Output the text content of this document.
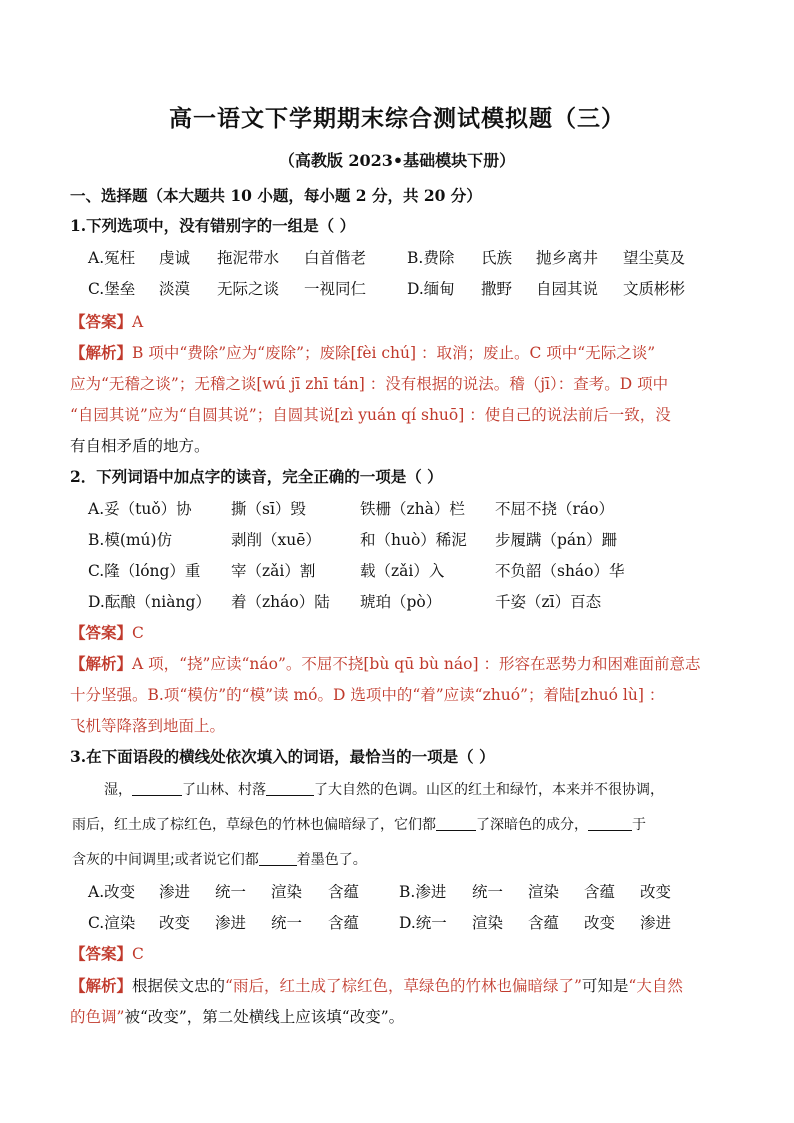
高一语文下学期期末综合测试模拟题（三）
（高教版 2023•基础模块下册）
一、选择题（本大题共 10 小题，每小题 2 分，共 20 分）
1.下列选项中，没有错别字的一组是（ ）
A.冤枉 虔诚 拖泥带水 白首偕老	B.费除 氏族 抛乡离井 望尘莫及
C.堡垒 淡漠 无际之谈 一视同仁	D.缅甸 撒野 自园其说 文质彬彬
【答案】A
【解析】B 项中“费除”应为“废除”；废除[fèi chú] ：取消；废止。C 项中“无际之谈”
应为“无稽之谈”；无稽之谈[wú jī zhī tán] ：没有根据的说法。稽（jī）：查考。D 项中
“自园其说”应为“自圆其说”；自圆其说[zì yuán qí shuō] ：使自己的说法前后一致，没
有自相矛盾的地方。
2．下列词语中加点字的读音，完全正确的一项是（ ）
A.妥（tuǒ）协	撕（sī）毁	铁栅（zhà）栏 不屈不挠（ráo）
B.模(mú)仿	剥削（xuē）	和（huò）稀泥 步履蹒（pán）跚
C.隆（lóng）重 宰（zǎi）割	载（zǎi）入	不负韶（sháo）华
D.酝酿（niàng） 着（zháo）陆 琥珀（pò）	千姿（zī）百态
【答案】C
【解析】A 项，“挠”应读“náo”。不屈不挠[bù qū bù náo] ：形容在恶势力和困难面前意志
十分坚强。B.项“模仿”的“模”读 mó。D 选项中的“着”应读“zhuó”；着陆[zhuó lù] ：
飞机等降落到地面上。
3.在下面语段的横线处依次填入的词语，最恰当的一项是（ ）
湿，	了山林、村落	了大自然的色调。山区的红土和绿竹，本来并不很协调，
雨后，红土成了棕红色，草绿色的竹林也偏暗绿了，它们都	了深暗色的成分，	于
含灰的中间调里;或者说它们都	着墨色了。
A.改变 渗进 统一 渲染 含蕴	B.渗进 统一 渲染 含蕴 改变
C.渲染 改变 渗进 统一 含蕴	D.统一 渲染 含蕴 改变 渗进
【答案】C
【解析】根据侯文忠的“雨后，红土成了棕红色，草绿色的竹林也偏暗绿了”可知是“大自然
的色调”被“改变”，第二处横线上应该填“改变”。
